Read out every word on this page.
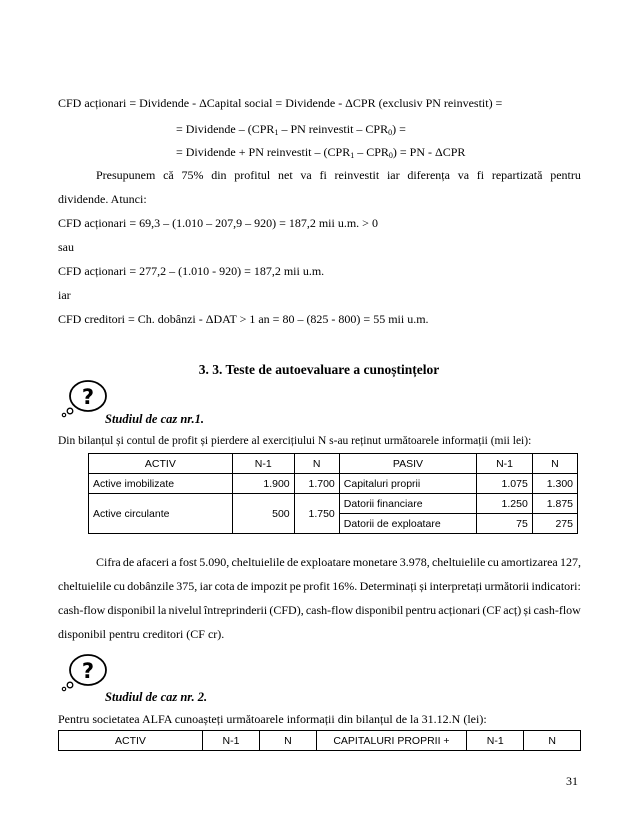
CFD acționari = Dividende - ΔCapital social = Dividende - ΔCPR (exclusiv PN reinvestit) =
= Dividende – ($CPR_1$ – PN reinvestit – $CPR_0$) =
= Dividende + PN reinvestit – $(CPR_1 - CPR_0)$ = PN - ΔCPR
Presupunem că 75% din profitul net va fi reinvestit iar diferența va fi repartizată pentru
dividende. Atunci:
CFD acționari = 69,3 – (1.010 – 207,9 – 920) = 187,2 mii u.m. > 0
sau
CFD acționari = 277,2 – (1.010 - 920) = 187,2 mii u.m.
iar
CFD creditori = Ch. dobânzi - ΔDAT > 1 an = 80 – (825 - 800) = 55 mii u.m.
3. 3. Teste de autoevaluare a cunoștințelor
?
Studiul de caz nr.1.
Din bilanțul și contul de profit și pierdere al exercițiului N s-au reținut următoarele informații (mii lei):
ACTIV	N-1	N	PASIV	N-1	N
Active imobilizate	1.900	1.700	Capitaluri proprii	1.075	1.300
Active circulante	500	1.750	Datorii financiare	1.250	1.875
			Datorii de exploatare	75	275
Cifra de afaceri a fost 5.090, cheltuielile de exploatare monetare 3.978, cheltuielile cu amortizarea 127,
cheltuielile cu dobânzile 375, iar cota de impozit pe profit 16%. Determinați și interpretați următorii indicatori:
cash-flow disponibil la nivelul întreprinderii (CFD), cash-flow disponibil pentru acționari (CF acț) și cash-flow
disponibil pentru creditori (CF cr).
?
Studiul de caz nr. 2.
Pentru societatea ALFA cunoașteți următoarele informații din bilanțul de la 31.12.N (lei):
ACTIV	N-1	N	CAPITALURI PROPRII +	N-1	N
31
